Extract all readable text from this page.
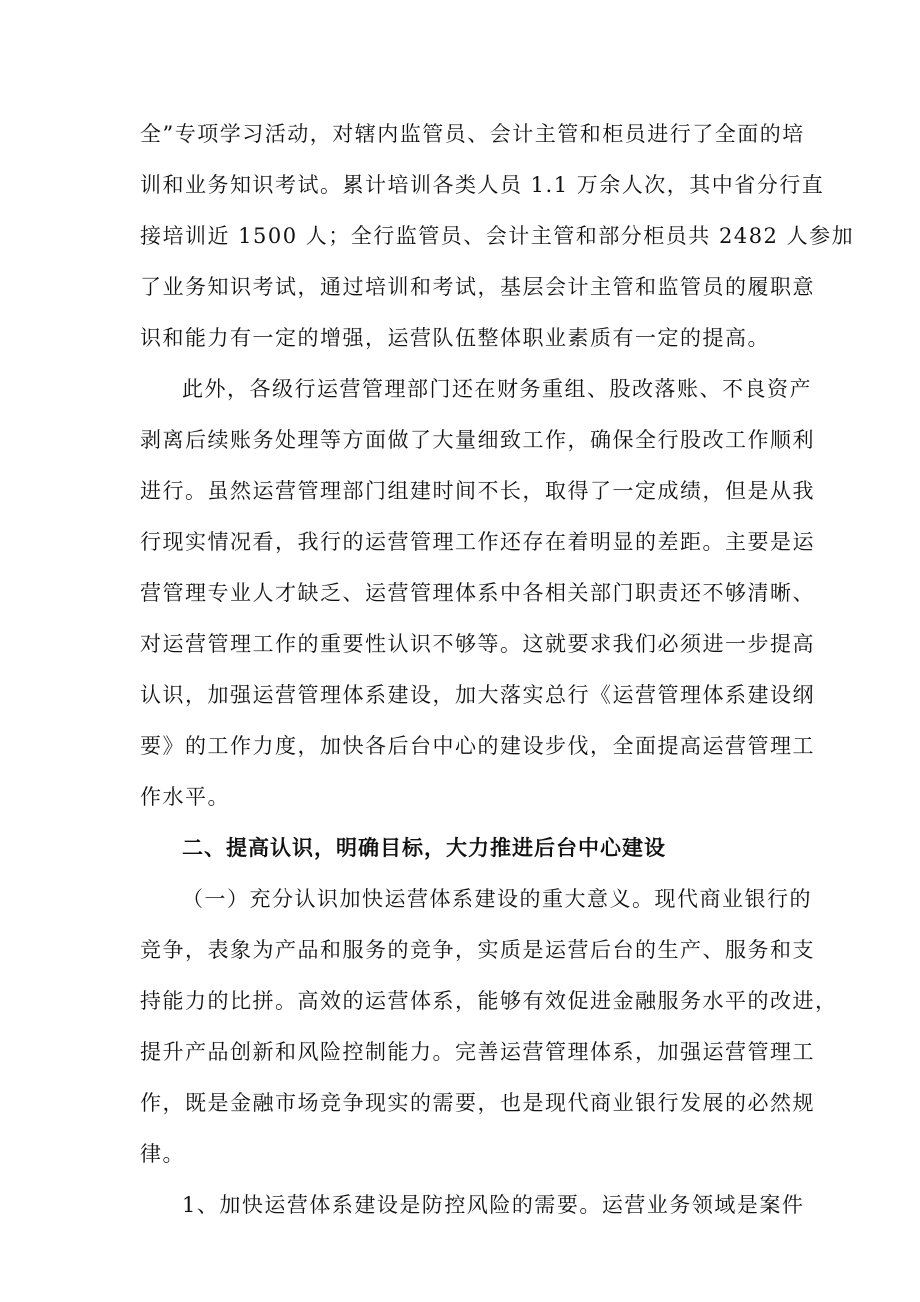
全”专项学习活动，对辖内监管员、会计主管和柜员进行了全面的培
训和业务知识考试。累计培训各类人员 1.1 万余人次，其中省分行直
接培训近 1500 人；全行监管员、会计主管和部分柜员共 2482 人参加
了业务知识考试，通过培训和考试，基层会计主管和监管员的履职意
识和能力有一定的增强，运营队伍整体职业素质有一定的提高。
此外，各级行运营管理部门还在财务重组、股改落账、不良资产
剥离后续账务处理等方面做了大量细致工作，确保全行股改工作顺利
进行。虽然运营管理部门组建时间不长，取得了一定成绩，但是从我
行现实情况看，我行的运营管理工作还存在着明显的差距。主要是运
营管理专业人才缺乏、运营管理体系中各相关部门职责还不够清晰、
对运营管理工作的重要性认识不够等。这就要求我们必须进一步提高
认识，加强运营管理体系建设，加大落实总行《运营管理体系建设纲
要》的工作力度，加快各后台中心的建设步伐，全面提高运营管理工
作水平。
二、提高认识，明确目标，大力推进后台中心建设
（一）充分认识加快运营体系建设的重大意义。现代商业银行的
竞争，表象为产品和服务的竞争，实质是运营后台的生产、服务和支
持能力的比拼。高效的运营体系，能够有效促进金融服务水平的改进，
提升产品创新和风险控制能力。完善运营管理体系，加强运营管理工
作，既是金融市场竞争现实的需要，也是现代商业银行发展的必然规
律。
1、加快运营体系建设是防控风险的需要。运营业务领域是案件
